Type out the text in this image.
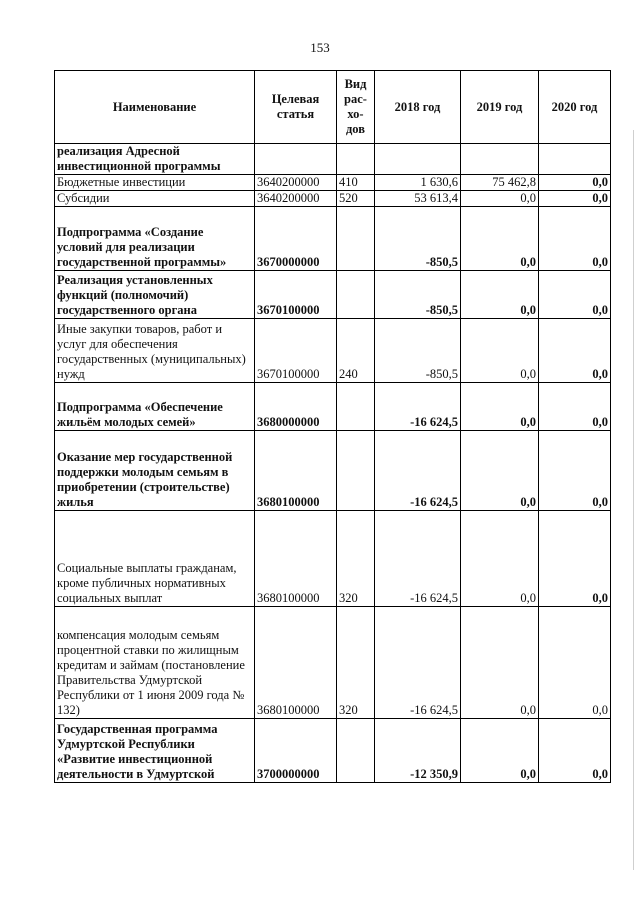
153
Наименование	Целевая статья	Вид рас-хо-дов	2018 год	2019 год	2020 год
реализация Адресной инвестиционной программы					
Бюджетные инвестиции	3640200000	410	1 630,6	75 462,8	0,0
Субсидии	3640200000	520	53 613,4	0,0	0,0
Подпрограмма «Создание условий для реализации государственной программы»	3670000000		-850,5	0,0	0,0
Реализация установленных функций (полномочий) государственного органа	3670100000		-850,5	0,0	0,0
Иные закупки товаров, работ и услуг для обеспечения государственных (муниципальных) нужд	3670100000	240	-850,5	0,0	0,0
Подпрограмма «Обеспечение жильём молодых семей»	3680000000		-16 624,5	0,0	0,0
Оказание мер государственной поддержки молодым семьям в приобретении (строительстве) жилья	3680100000		-16 624,5	0,0	0,0
Социальные выплаты гражданам, кроме публичных нормативных социальных выплат	3680100000	320	-16 624,5	0,0	0,0
компенсация молодым семьям процентной ставки по жилищным кредитам и займам (постановление Правительства Удмуртской Республики от 1 июня 2009 года № 132)	3680100000	320	-16 624,5	0,0	0,0
Государственная программа Удмуртской Республики «Развитие инвестиционной деятельности в Удмуртской	3700000000		-12 350,9	0,0	0,0
